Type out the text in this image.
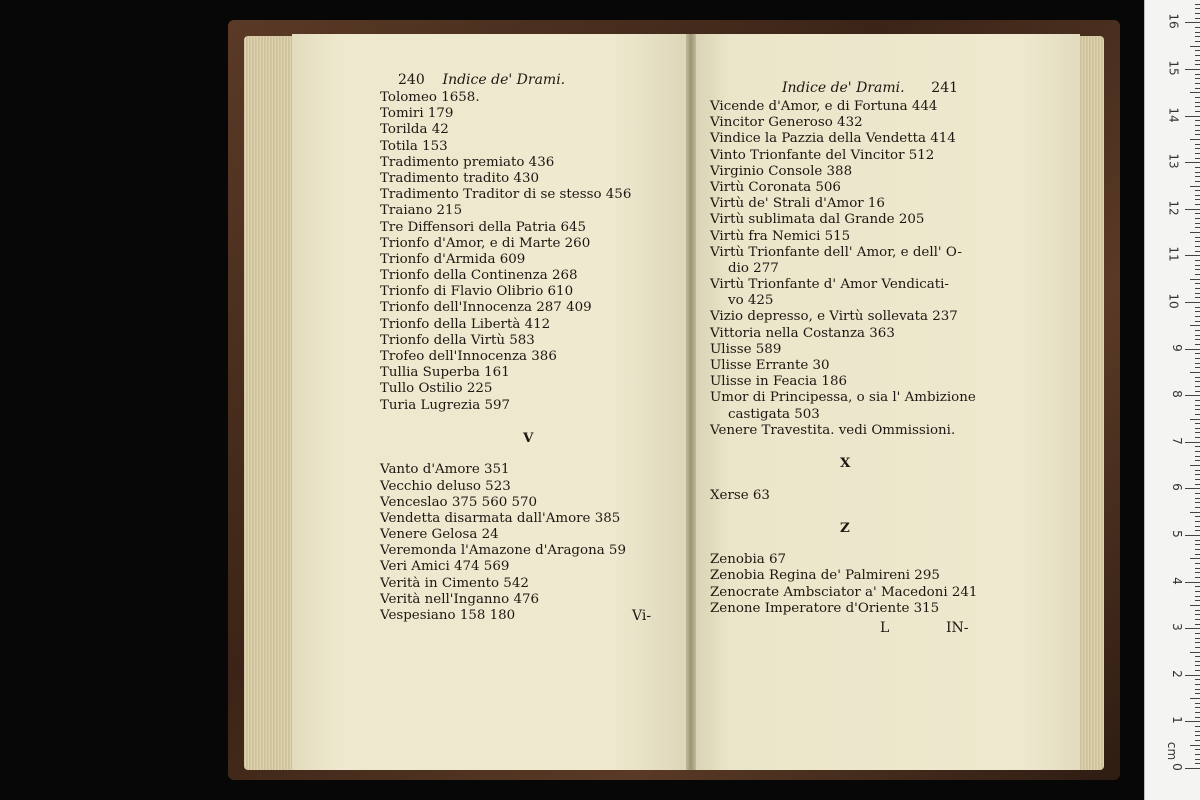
240 Indice de' Drami.
Tolomeo 1658.
Tomiri 179
Torilda 42
Totila 153
Tradimento premiato 436
Tradimento tradito 430
Tradimento Traditor di se stesso 456
Traiano 215
Tre Diffensori della Patria 645
Trionfo d'Amor, e di Marte 260
Trionfo d'Armida 609
Trionfo della Continenza 268
Trionfo di Flavio Olibrio 610
Trionfo dell'Innocenza 287 409
Trionfo della Libertà 412
Trionfo della Virtù 583
Trofeo dell'Innocenza 386
Tullia Superba 161
Tullo Ostilio 225
Turia Lugrezia 597
V
Vanto d'Amore 351
Vecchio deluso 523
Venceslao 375 560 570
Vendetta disarmata dall'Amore 385
Venere Gelosa 24
Veremonda l'Amazone d'Aragona 59
Veri Amici 474 569
Verità in Cimento 542
Verità nell'Inganno 476
Vespesiano 158 180	Vi-
Indice de' Drami. 241
Vicende d'Amor, e di Fortuna 444
Vincitor Generoso 432
Vindice la Pazzia della Vendetta 414
Vinto Trionfante del Vincitor 512
Virginio Console 388
Virtù Coronata 506
Virtù de' Strali d'Amor 16
Virtù sublimata dal Grande 205
Virtù fra Nemici 515
Virtù Trionfante dell' Amor, e dell' O-
dio 277
Virtù Trionfante d' Amor Vendicati-
vo 425
Vizio depresso, e Virtù sollevata 237
Vittoria nella Costanza 363
Ulisse 589
Ulisse Errante 30
Ulisse in Feacia 186
Umor di Principessa, o sia l' Ambizione
castigata 503
Venere Travestita. vedi Ommissioni.
X
Xerse 63
Z
Zenobia 67
Zenobia Regina de' Palmireni 295
Zenocrate Ambsciator a' Macedoni 241
Zenone Imperatore d'Oriente 315
L	IN-
0
1
2
3
4
5
6
7
8
9
10
11
12
13
14
15
16
cm
